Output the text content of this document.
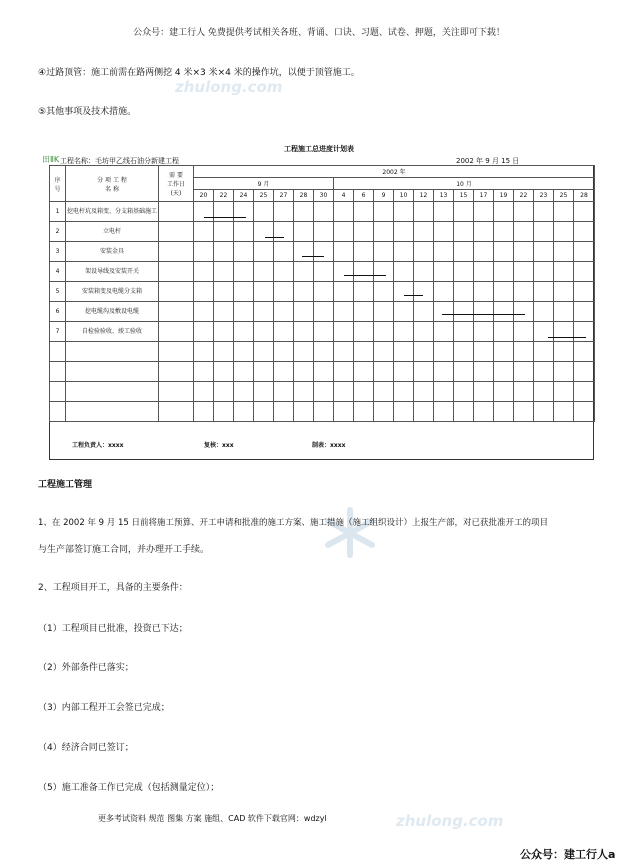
公众号：建工行人 免费提供考试相关各班、背诵、口诀、习题、试卷、押题，关注即可下载！
zhulong.com
zhulong.com
④过路顶管：施工前需在路两侧挖 4 米×3 米×4 米的操作坑，以便于顶管施工。
⑤其他事项及技术措施。
工程施工总进度计划表
田ⅡK 工程名称：毛坊甲乙线石油分新建工程	2002 年 9 月 15 日
序
号	分 项 工 程
名 称	需 要
工作日
(天)	2002 年																			
			9 月							10 月												
			20	22	24	25	27	28	30	4	6	9	10	12	13	15	17	19	22	23	25	28
1	挖电杆坑及箱变、分支箱基础施工																					
2	立电杆																					
3	安装金具																					
4	架设导线及安装开关																					
5	安装箱变及电缆分支箱																					
6	挖电缆沟及敷设电缆																					
7	自检验验收、竣工验收																					

工程负责人：xxxx	复核：xxx	制表：xxxx
工程施工管理
1、在 2002 年 9 月 15 日前将施工预算、开工申请和批准的施工方案、施工措施（施工组织设计）上报生产部，对已获批准开工的项目
与生产部签订施工合同，并办理开工手续。
2、工程项目开工，具备的主要条件：
（1）工程项目已批准，投资已下达；
（2）外部条件已落实；
（3）内部工程开工会签已完成；
（4）经济合同已签订；
（5）施工准备工作已完成（包括测量定位）；
更多考试资料 规范 图集 方案 施组、CAD 软件下载官网：wdzyl
公众号：建工行人a
